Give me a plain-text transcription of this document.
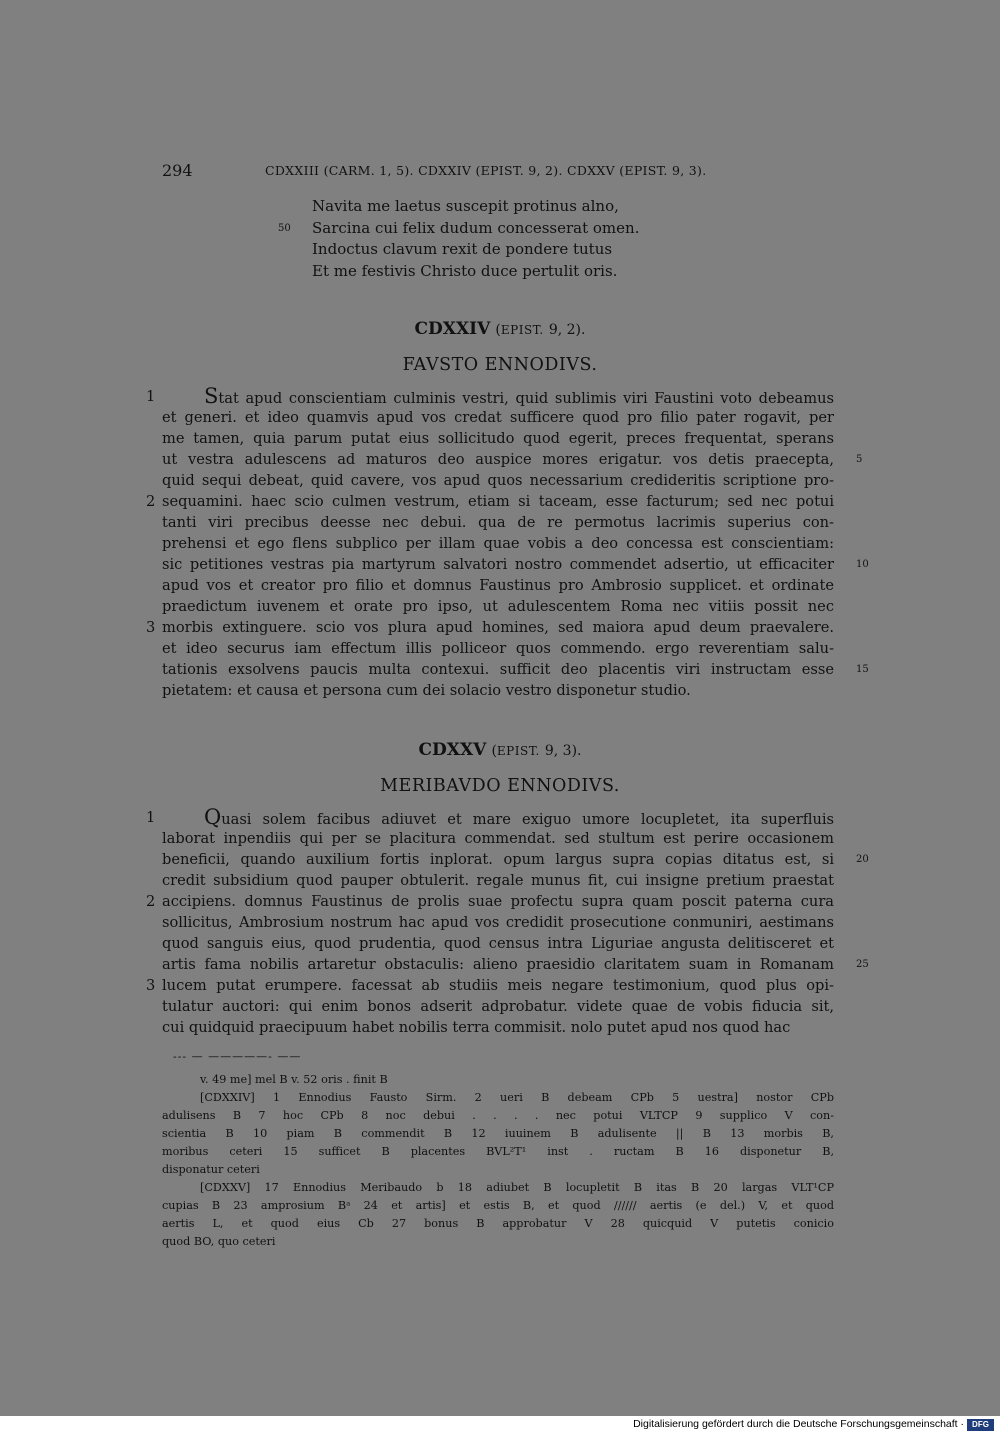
294	CDXXIII (CARM. 1, 5). CDXXIV (EPIST. 9, 2). CDXXV (EPIST. 9, 3).
Navita me laetus suscepit protinus alno,
50 Sarcina cui felix dudum concesserat omen.
Indoctus clavum rexit de pondere tutus
Et me festivis Christo duce pertulit oris.
CDXXIV (EPIST. 9, 2).
FAVSTO ENNODIVS.
1 Stat apud conscientiam culminis vestri, quid sublimis viri Faustini voto debeamus
et generi. et ideo quamvis apud vos credat sufficere quod pro filio pater rogavit, per
me tamen, quia parum putat eius sollicitudo quod egerit, preces frequentat, sperans
ut vestra adulescens ad maturos deo auspice mores erigatur. vos detis praecepta, 5
quid sequi debeat, quid cavere, vos apud quos necessarium credideritis scriptione pro-
2 sequamini. haec scio culmen vestrum, etiam si taceam, esse facturum; sed nec potui
tanti viri precibus deesse nec debui. qua de re permotus lacrimis superius con-
prehensi et ego flens subplico per illam quae vobis a deo concessa est conscientiam:
sic petitiones vestras pia martyrum salvatori nostro commendet adsertio, ut efficaciter 10
apud vos et creator pro filio et domnus Faustinus pro Ambrosio supplicet. et ordinate
praedictum iuvenem et orate pro ipso, ut adulescentem Roma nec vitiis possit nec
3 morbis extinguere. scio vos plura apud homines, sed maiora apud deum praevalere.
et ideo securus iam effectum illis polliceor quos commendo. ergo reverentiam salu-
tationis exsolvens paucis multa contexui. sufficit deo placentis viri instructam esse 15
pietatem: et causa et persona cum dei solacio vestro disponetur studio.
CDXXV (EPIST. 9, 3).
MERIBAVDO ENNODIVS.
1 Quasi solem facibus adiuvet et mare exiguo umore locupletet, ita superfluis
laborat inpendiis qui per se placitura commendat. sed stultum est perire occasionem
beneficii, quando auxilium fortis inplorat. opum largus supra copias ditatus est, si 20
credit subsidium quod pauper obtulerit. regale munus fit, cui insigne pretium praestat
2 accipiens. domnus Faustinus de prolis suae profectu supra quam poscit paterna cura
sollicitus, Ambrosium nostrum hac apud vos credidit prosecutione conmuniri, aestimans
quod sanguis eius, quod prudentia, quod census intra Liguriae angusta delitisceret et
artis fama nobilis artaretur obstaculis: alieno praesidio claritatem suam in Romanam 25
3 lucem putat erumpere. facessat ab studiis meis negare testimonium, quod plus opi-
tulatur auctori: qui enim bonos adserit adprobatur. videte quae de vobis fiducia sit,
cui quidquid praecipuum habet nobilis terra commisit. nolo putet apud nos quod hac
--- — —————- ——
v. 49 me] mel B v. 52 oris . finit B
[CDXXIV] 1 Ennodius Fausto Sirm. 2 ueri B debeam CPb 5 uestra] nostor CPb
adulisens B 7 hoc CPb 8 noc debui . . . . nec potui VLTCP 9 supplico V con-
scientia B 10 piam B commendit B 12 iuuinem B adulisente || B 13 morbis B,
moribus ceteri 15 sufficet B placentes BVL²T¹ inst . ructam B 16 disponetur B,
disponatur ceteri
[CDXXV] 17 Ennodius Meribaudo b 18 adiubet B locupletit B itas B 20 largas VLT¹CP
cupias B 23 amprosium Bᵃ 24 et artis] et estis B, et quod ////// aertis (e del.) V, et quod
aertis L, et quod eius Cb 27 bonus B approbatur V 28 quicquid V putetis conicio
quod BO, quo ceteri
Digitalisierung gefördert durch die Deutsche Forschungsgemeinschaft ·	DFG
